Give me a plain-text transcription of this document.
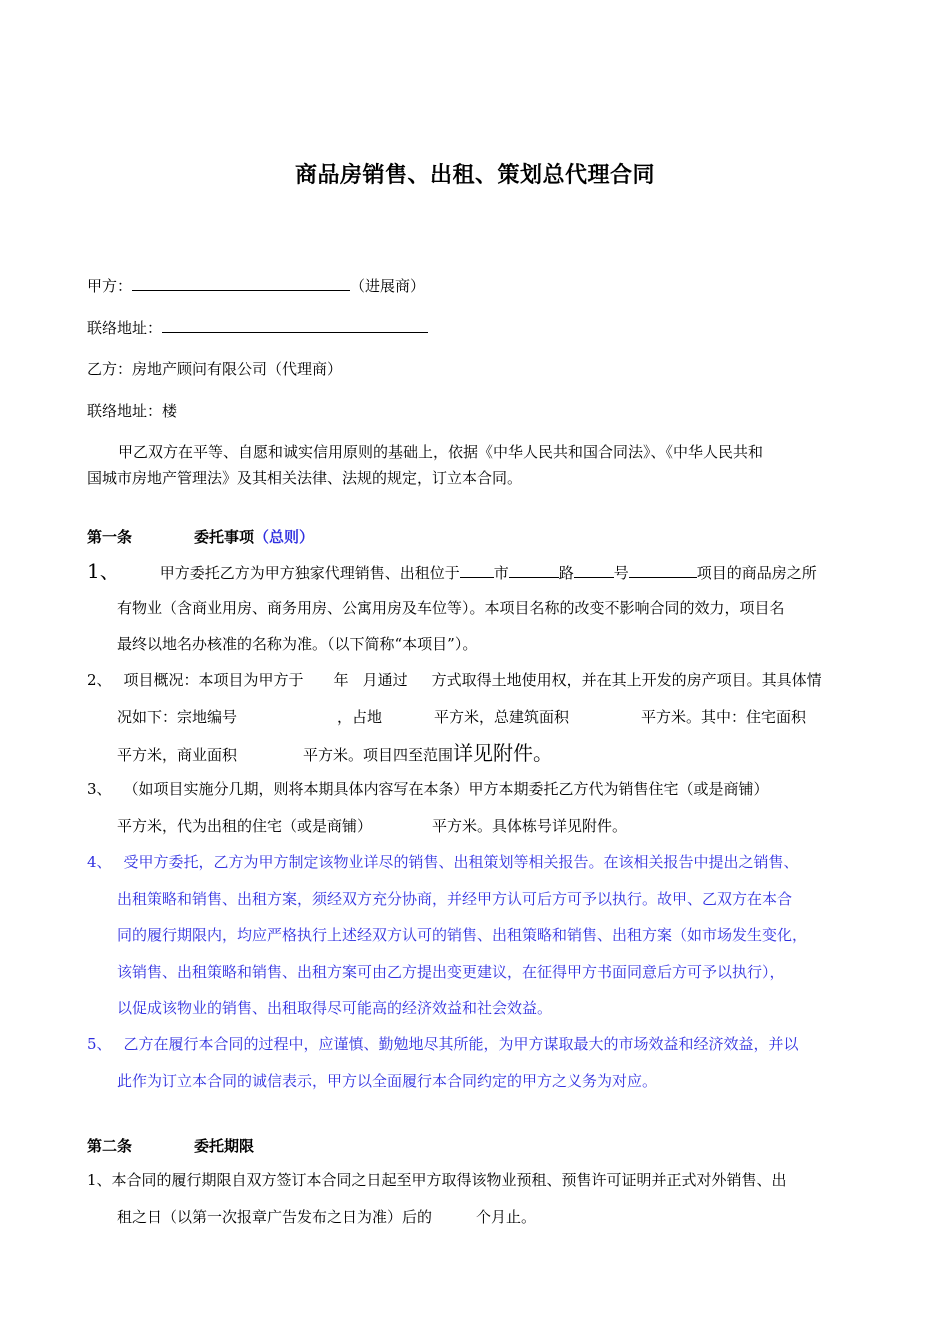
商品房销售、出租、策划总代理合同
甲方：	（进展商）
联络地址：
乙方：房地产顾问有限公司（代理商）
联络地址：楼
甲乙双方在平等、自愿和诚实信用原则的基础上，依据《中华人民共和国合同法》、《中华人民共和
国城市房地产管理法》及其相关法律、法规的规定，订立本合同。
第一条	委托事项（总则）
1、	甲方委托乙方为甲方独家代理销售、出租位于 市	路	号	项目的商品房之所
有物业（含商业用房、商务用房、公寓用房及车位等）。本项目名称的改变不影响合同的效力，项目名
最终以地名办核准的名称为准。（以下简称“本项目”）。
2、 项目概况：本项目为甲方于 年 月通过 方式取得土地使用权，并在其上开发的房产项目。其具体情
况如下：宗地编号	，占地	平方米，总建筑面积	平方米。其中：住宅面积
平方米，商业面积	平方米。项目四至范围详见附件。
3、 （如项目实施分几期，则将本期具体内容写在本条）甲方本期委托乙方代为销售住宅（或是商铺）
平方米，代为出租的住宅（或是商铺）	平方米。具体栋号详见附件。
4、 受甲方委托，乙方为甲方制定该物业详尽的销售、出租策划等相关报告。在该相关报告中提出之销售、
出租策略和销售、出租方案，须经双方充分协商，并经甲方认可后方可予以执行。故甲、乙双方在本合
同的履行期限内，均应严格执行上述经双方认可的销售、出租策略和销售、出租方案（如市场发生变化，
该销售、出租策略和销售、出租方案可由乙方提出变更建议，在征得甲方书面同意后方可予以执行），
以促成该物业的销售、出租取得尽可能高的经济效益和社会效益。
5、 乙方在履行本合同的过程中，应谨慎、勤勉地尽其所能，为甲方谋取最大的市场效益和经济效益，并以
此作为订立本合同的诚信表示，甲方以全面履行本合同约定的甲方之义务为对应。
第二条	委托期限
1、本合同的履行期限自双方签订本合同之日起至甲方取得该物业预租、预售许可证明并正式对外销售、出
租之日（以第一次报章广告发布之日为准）后的	个月止。
